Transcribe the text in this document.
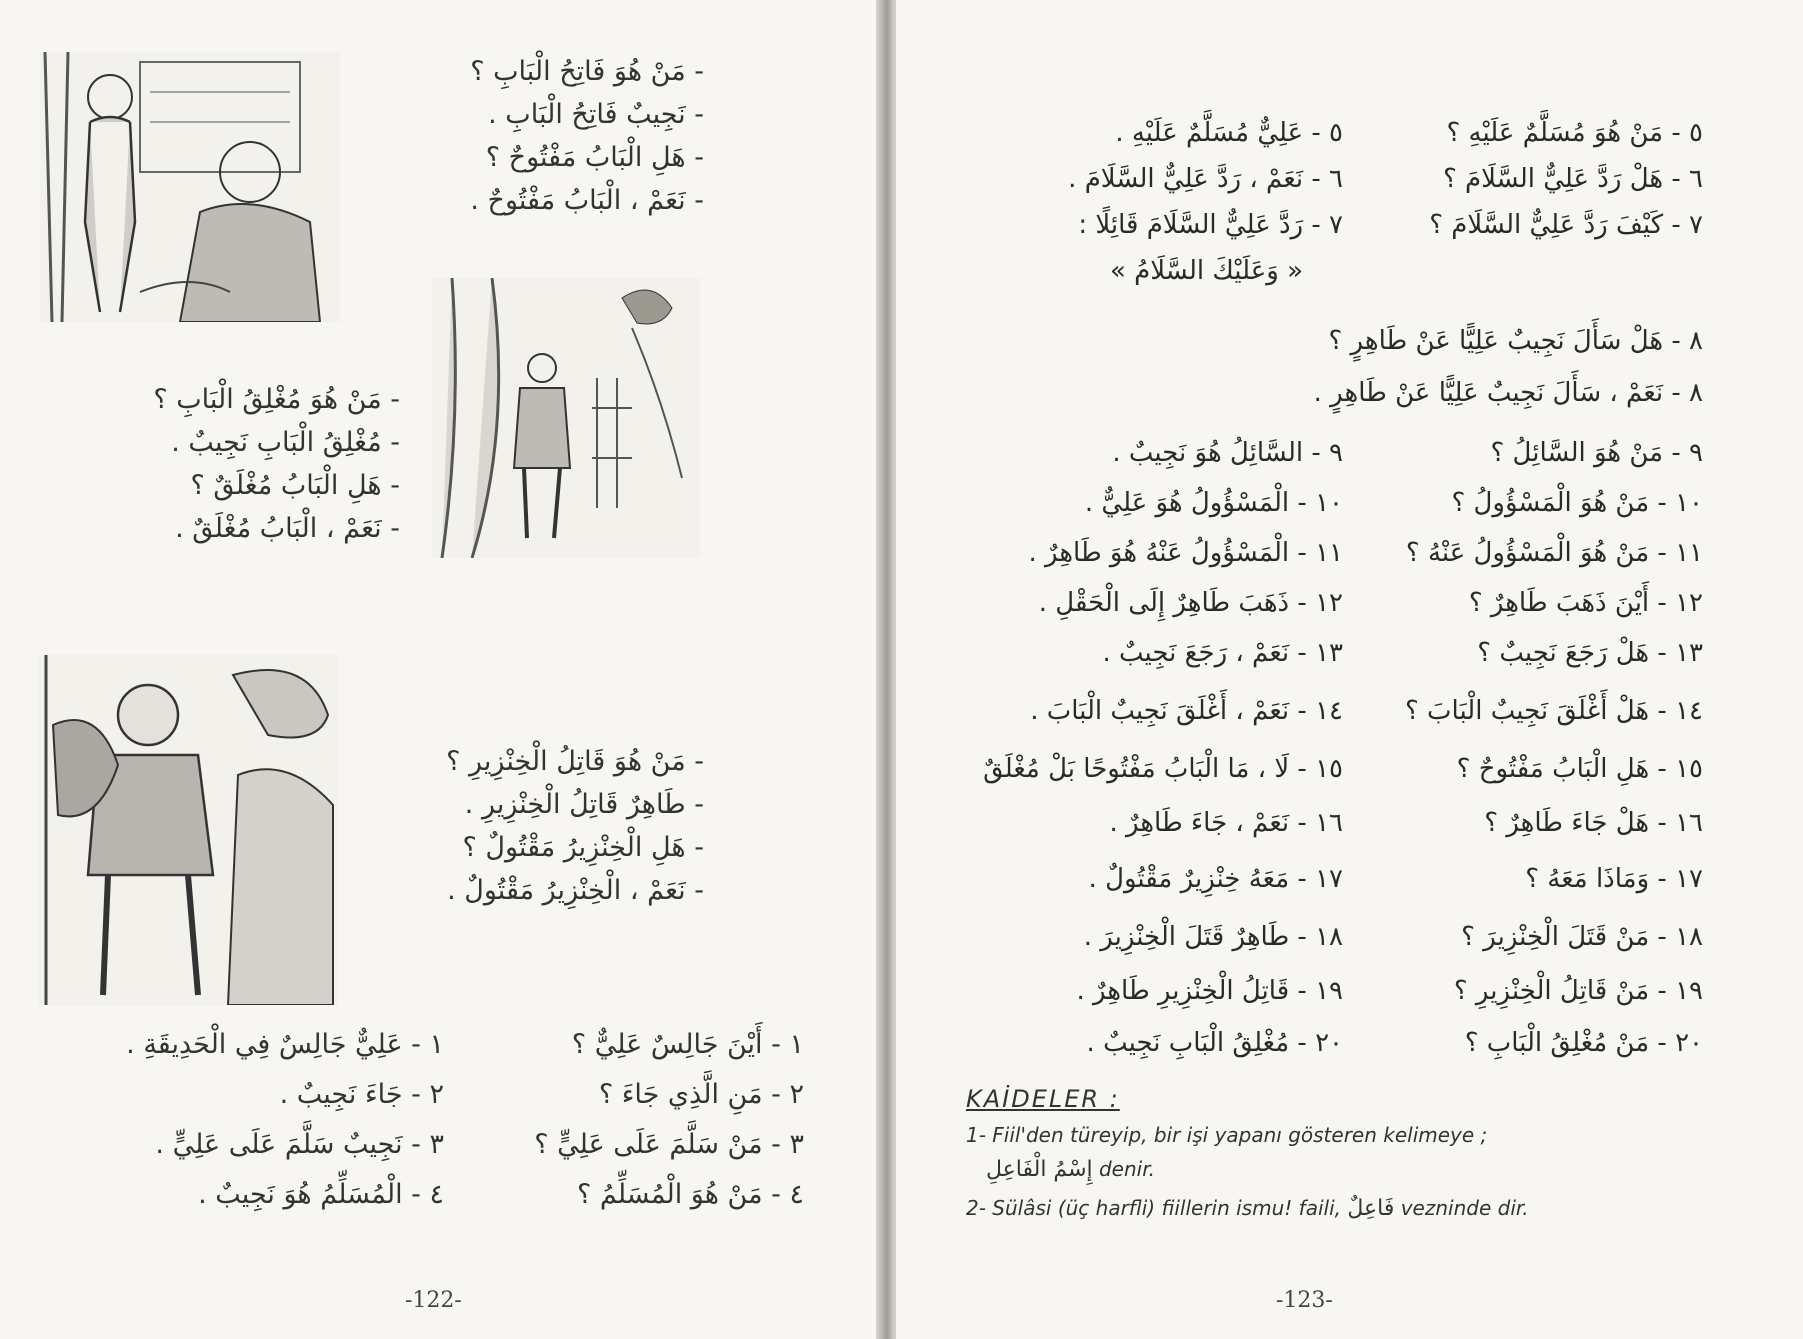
- مَنْ هُوَ فَاتِحُ الْبَابِ ؟
- نَجِيبٌ فَاتِحُ الْبَابِ .
- هَلِ الْبَابُ مَفْتُوحٌ ؟
- نَعَمْ ، الْبَابُ مَفْتُوحٌ .
- مَنْ هُوَ مُغْلِقُ الْبَابِ ؟
- مُغْلِقُ الْبَابِ نَجِيبٌ .
- هَلِ الْبَابُ مُغْلَقٌ ؟
- نَعَمْ ، الْبَابُ مُغْلَقٌ .
- مَنْ هُوَ قَاتِلُ الْخِنْزِيرِ ؟
- طَاهِرٌ قَاتِلُ الْخِنْزِيرِ .
- هَلِ الْخِنْزِيرُ مَقْتُولٌ ؟
- نَعَمْ ، الْخِنْزِيرُ مَقْتُولٌ .
١ - أَيْنَ جَالِسٌ عَلِيٌّ ؟
٢ - مَنِ الَّذِي جَاءَ ؟
٣ - مَنْ سَلَّمَ عَلَى عَلِيٍّ ؟
٤ - مَنْ هُوَ الْمُسَلِّمُ ؟
١ - عَلِيٌّ جَالِسٌ فِي الْحَدِيقَةِ .
٢ - جَاءَ نَجِيبٌ .
٣ - نَجِيبٌ سَلَّمَ عَلَى عَلِيٍّ .
٤ - الْمُسَلِّمُ هُوَ نَجِيبٌ .
-122-
٥ - مَنْ هُوَ مُسَلَّمٌ عَلَيْهِ ؟
٥ - عَلِيٌّ مُسَلَّمٌ عَلَيْهِ .
٦ - هَلْ رَدَّ عَلِيٌّ السَّلَامَ ؟
٦ - نَعَمْ ، رَدَّ عَلِيٌّ السَّلَامَ .
٧ - كَيْفَ رَدَّ عَلِيٌّ السَّلَامَ ؟
٧ - رَدَّ عَلِيٌّ السَّلَامَ قَائِلًا :
« وَعَلَيْكَ السَّلَامُ »
٨ - هَلْ سَأَلَ نَجِيبٌ عَلِيًّا عَنْ طَاهِرٍ ؟
٨ - نَعَمْ ، سَأَلَ نَجِيبٌ عَلِيًّا عَنْ طَاهِرٍ .
٩ - مَنْ هُوَ السَّائِلُ ؟
٩ - السَّائِلُ هُوَ نَجِيبٌ .
١٠ - مَنْ هُوَ الْمَسْؤُولُ ؟
١٠ - الْمَسْؤُولُ هُوَ عَلِيٌّ .
١١ - مَنْ هُوَ الْمَسْؤُولُ عَنْهُ ؟
١١ - الْمَسْؤُولُ عَنْهُ هُوَ طَاهِرٌ .
١٢ - أَيْنَ ذَهَبَ طَاهِرٌ ؟
١٢ - ذَهَبَ طَاهِرٌ إِلَى الْحَقْلِ .
١٣ - هَلْ رَجَعَ نَجِيبٌ ؟
١٣ - نَعَمْ ، رَجَعَ نَجِيبٌ .
١٤ - هَلْ أَغْلَقَ نَجِيبٌ الْبَابَ ؟
١٤ - نَعَمْ ، أَغْلَقَ نَجِيبٌ الْبَابَ .
١٥ - هَلِ الْبَابُ مَفْتُوحٌ ؟
١٥ - لَا ، مَا الْبَابُ مَفْتُوحًا بَلْ مُغْلَقٌ
١٦ - هَلْ جَاءَ طَاهِرٌ ؟
١٦ - نَعَمْ ، جَاءَ طَاهِرٌ .
١٧ - وَمَاذَا مَعَهُ ؟
١٧ - مَعَهُ خِنْزِيرٌ مَقْتُولٌ .
١٨ - مَنْ قَتَلَ الْخِنْزِيرَ ؟
١٨ - طَاهِرٌ قَتَلَ الْخِنْزِيرَ .
١٩ - مَنْ قَاتِلُ الْخِنْزِيرِ ؟
١٩ - قَاتِلُ الْخِنْزِيرِ طَاهِرٌ .
٢٠ - مَنْ مُغْلِقُ الْبَابِ ؟
٢٠ - مُغْلِقُ الْبَابِ نَجِيبٌ .
KAİDELER :
1- Fiil'den türeyip, bir işi yapanı gösteren kelimeye ;
إِسْمُ الْفَاعِلِ denir.
2- Sülâsi (üç harfli) fiillerin ismu! faili, فَاعِلٌ vezninde dir.
-123-
